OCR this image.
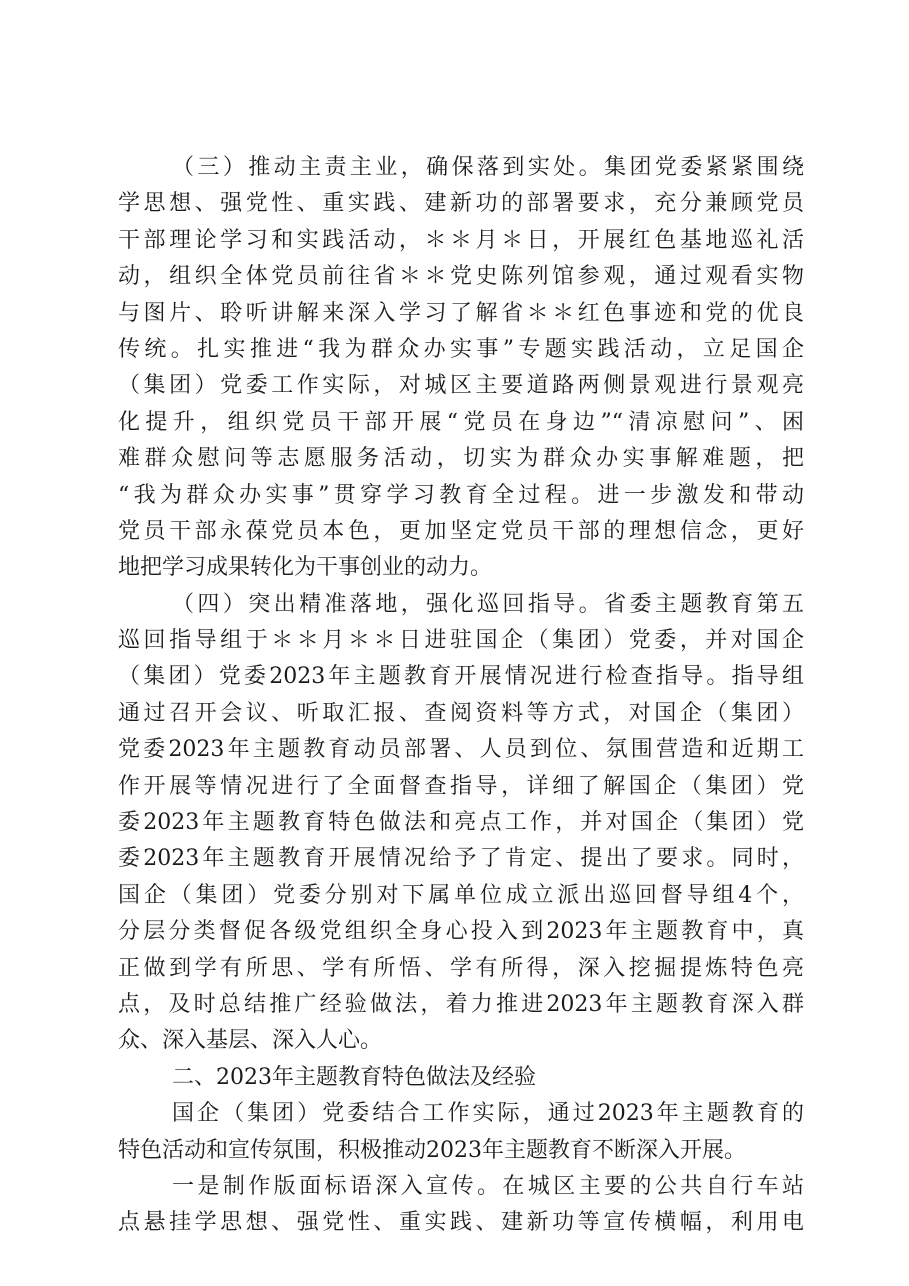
（三）推动主责主业，确保落到实处。集团党委紧紧围绕
学思想、强党性、重实践、建新功的部署要求，充分兼顾党员
干部理论学习和实践活动，＊＊月＊日，开展红色基地巡礼活
动，组织全体党员前往省＊＊党史陈列馆参观，通过观看实物
与图片、聆听讲解来深入学习了解省＊＊红色事迹和党的优良
传统。扎实推进“我为群众办实事”专题实践活动，立足国企
（集团）党委工作实际，对城区主要道路两侧景观进行景观亮
化提升，组织党员干部开展“党员在身边”“清凉慰问”、困
难群众慰问等志愿服务活动，切实为群众办实事解难题，把
“我为群众办实事”贯穿学习教育全过程。进一步激发和带动
党员干部永葆党员本色，更加坚定党员干部的理想信念，更好
地把学习成果转化为干事创业的动力。
（四）突出精准落地，强化巡回指导。省委主题教育第五
巡回指导组于＊＊月＊＊日进驻国企（集团）党委，并对国企
（集团）党委2023年主题教育开展情况进行检查指导。指导组
通过召开会议、听取汇报、查阅资料等方式，对国企（集团）
党委2023年主题教育动员部署、人员到位、氛围营造和近期工
作开展等情况进行了全面督查指导，详细了解国企（集团）党
委2023年主题教育特色做法和亮点工作，并对国企（集团）党
委2023年主题教育开展情况给予了肯定、提出了要求。同时，
国企（集团）党委分别对下属单位成立派出巡回督导组4个，
分层分类督促各级党组织全身心投入到2023年主题教育中，真
正做到学有所思、学有所悟、学有所得，深入挖掘提炼特色亮
点，及时总结推广经验做法，着力推进2023年主题教育深入群
众、深入基层、深入人心。
二、2023年主题教育特色做法及经验
国企（集团）党委结合工作实际，通过2023年主题教育的
特色活动和宣传氛围，积极推动2023年主题教育不断深入开展。
一是制作版面标语深入宣传。在城区主要的公共自行车站
点悬挂学思想、强党性、重实践、建新功等宣传横幅，利用电
